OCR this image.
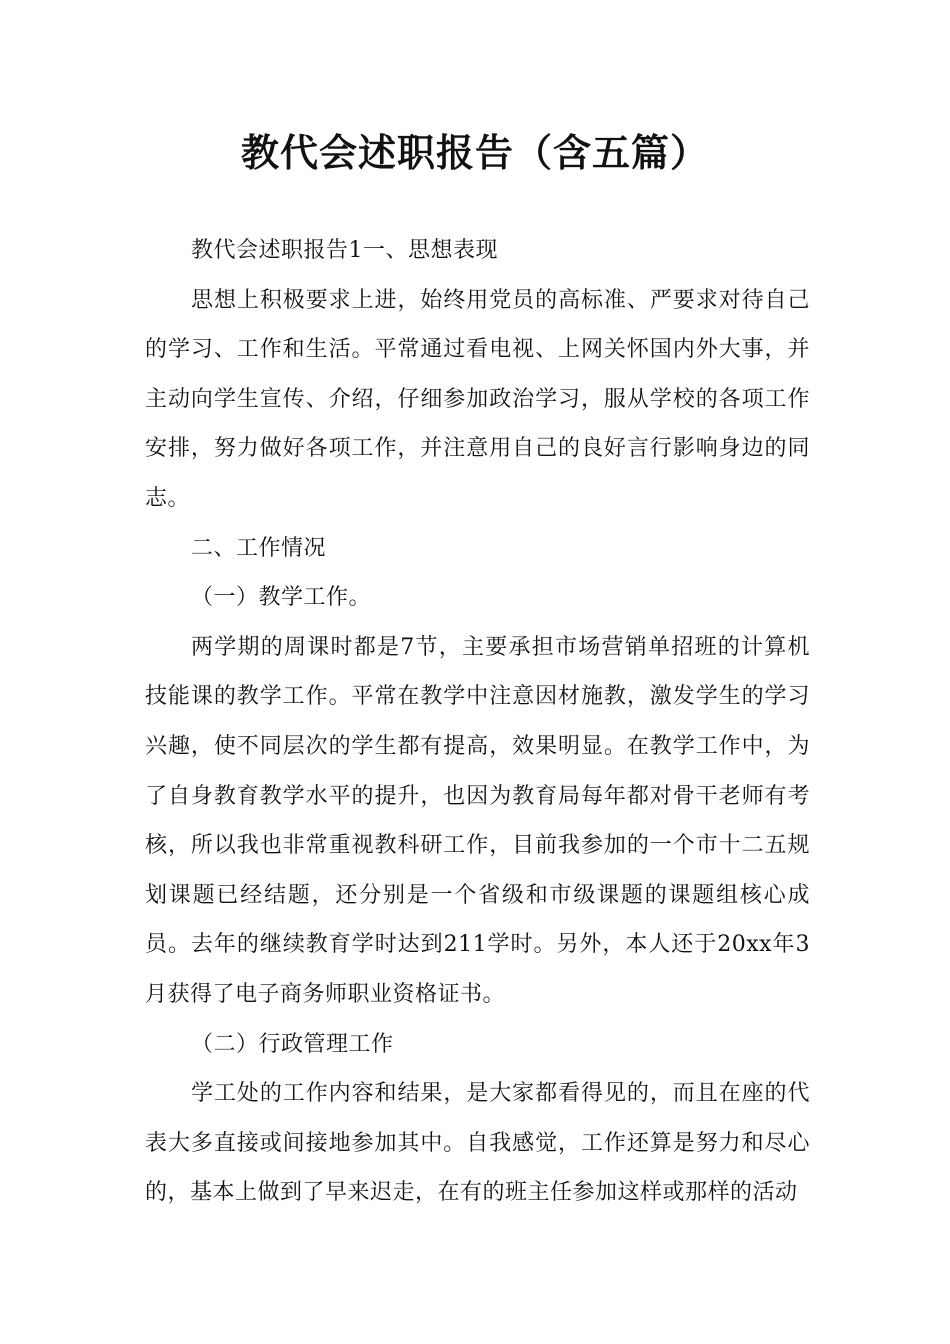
教代会述职报告（含五篇）

教代会述职报告1一、思想表现

思想上积极要求上进，始终用党员的高标准、严要求对待自己的学习、工作和生活。平常通过看电视、上网关怀国内外大事，并主动向学生宣传、介绍，仔细参加政治学习，服从学校的各项工作安排，努力做好各项工作，并注意用自己的良好言行影响身边的同志。

二、工作情况

（一）教学工作。

两学期的周课时都是7节，主要承担市场营销单招班的计算机技能课的教学工作。平常在教学中注意因材施教，激发学生的学习兴趣，使不同层次的学生都有提高，效果明显。在教学工作中，为了自身教育教学水平的提升，也因为教育局每年都对骨干老师有考核，所以我也非常重视教科研工作，目前我参加的一个市十二五规划课题已经结题，还分别是一个省级和市级课题的课题组核心成员。去年的继续教育学时达到211学时。另外，本人还于20xx年3月获得了电子商务师职业资格证书。

（二）行政管理工作

学工处的工作内容和结果，是大家都看得见的，而且在座的代表大多直接或间接地参加其中。自我感觉，工作还算是努力和尽心的，基本上做到了早来迟走，在有的班主任参加这样或那样的活动
